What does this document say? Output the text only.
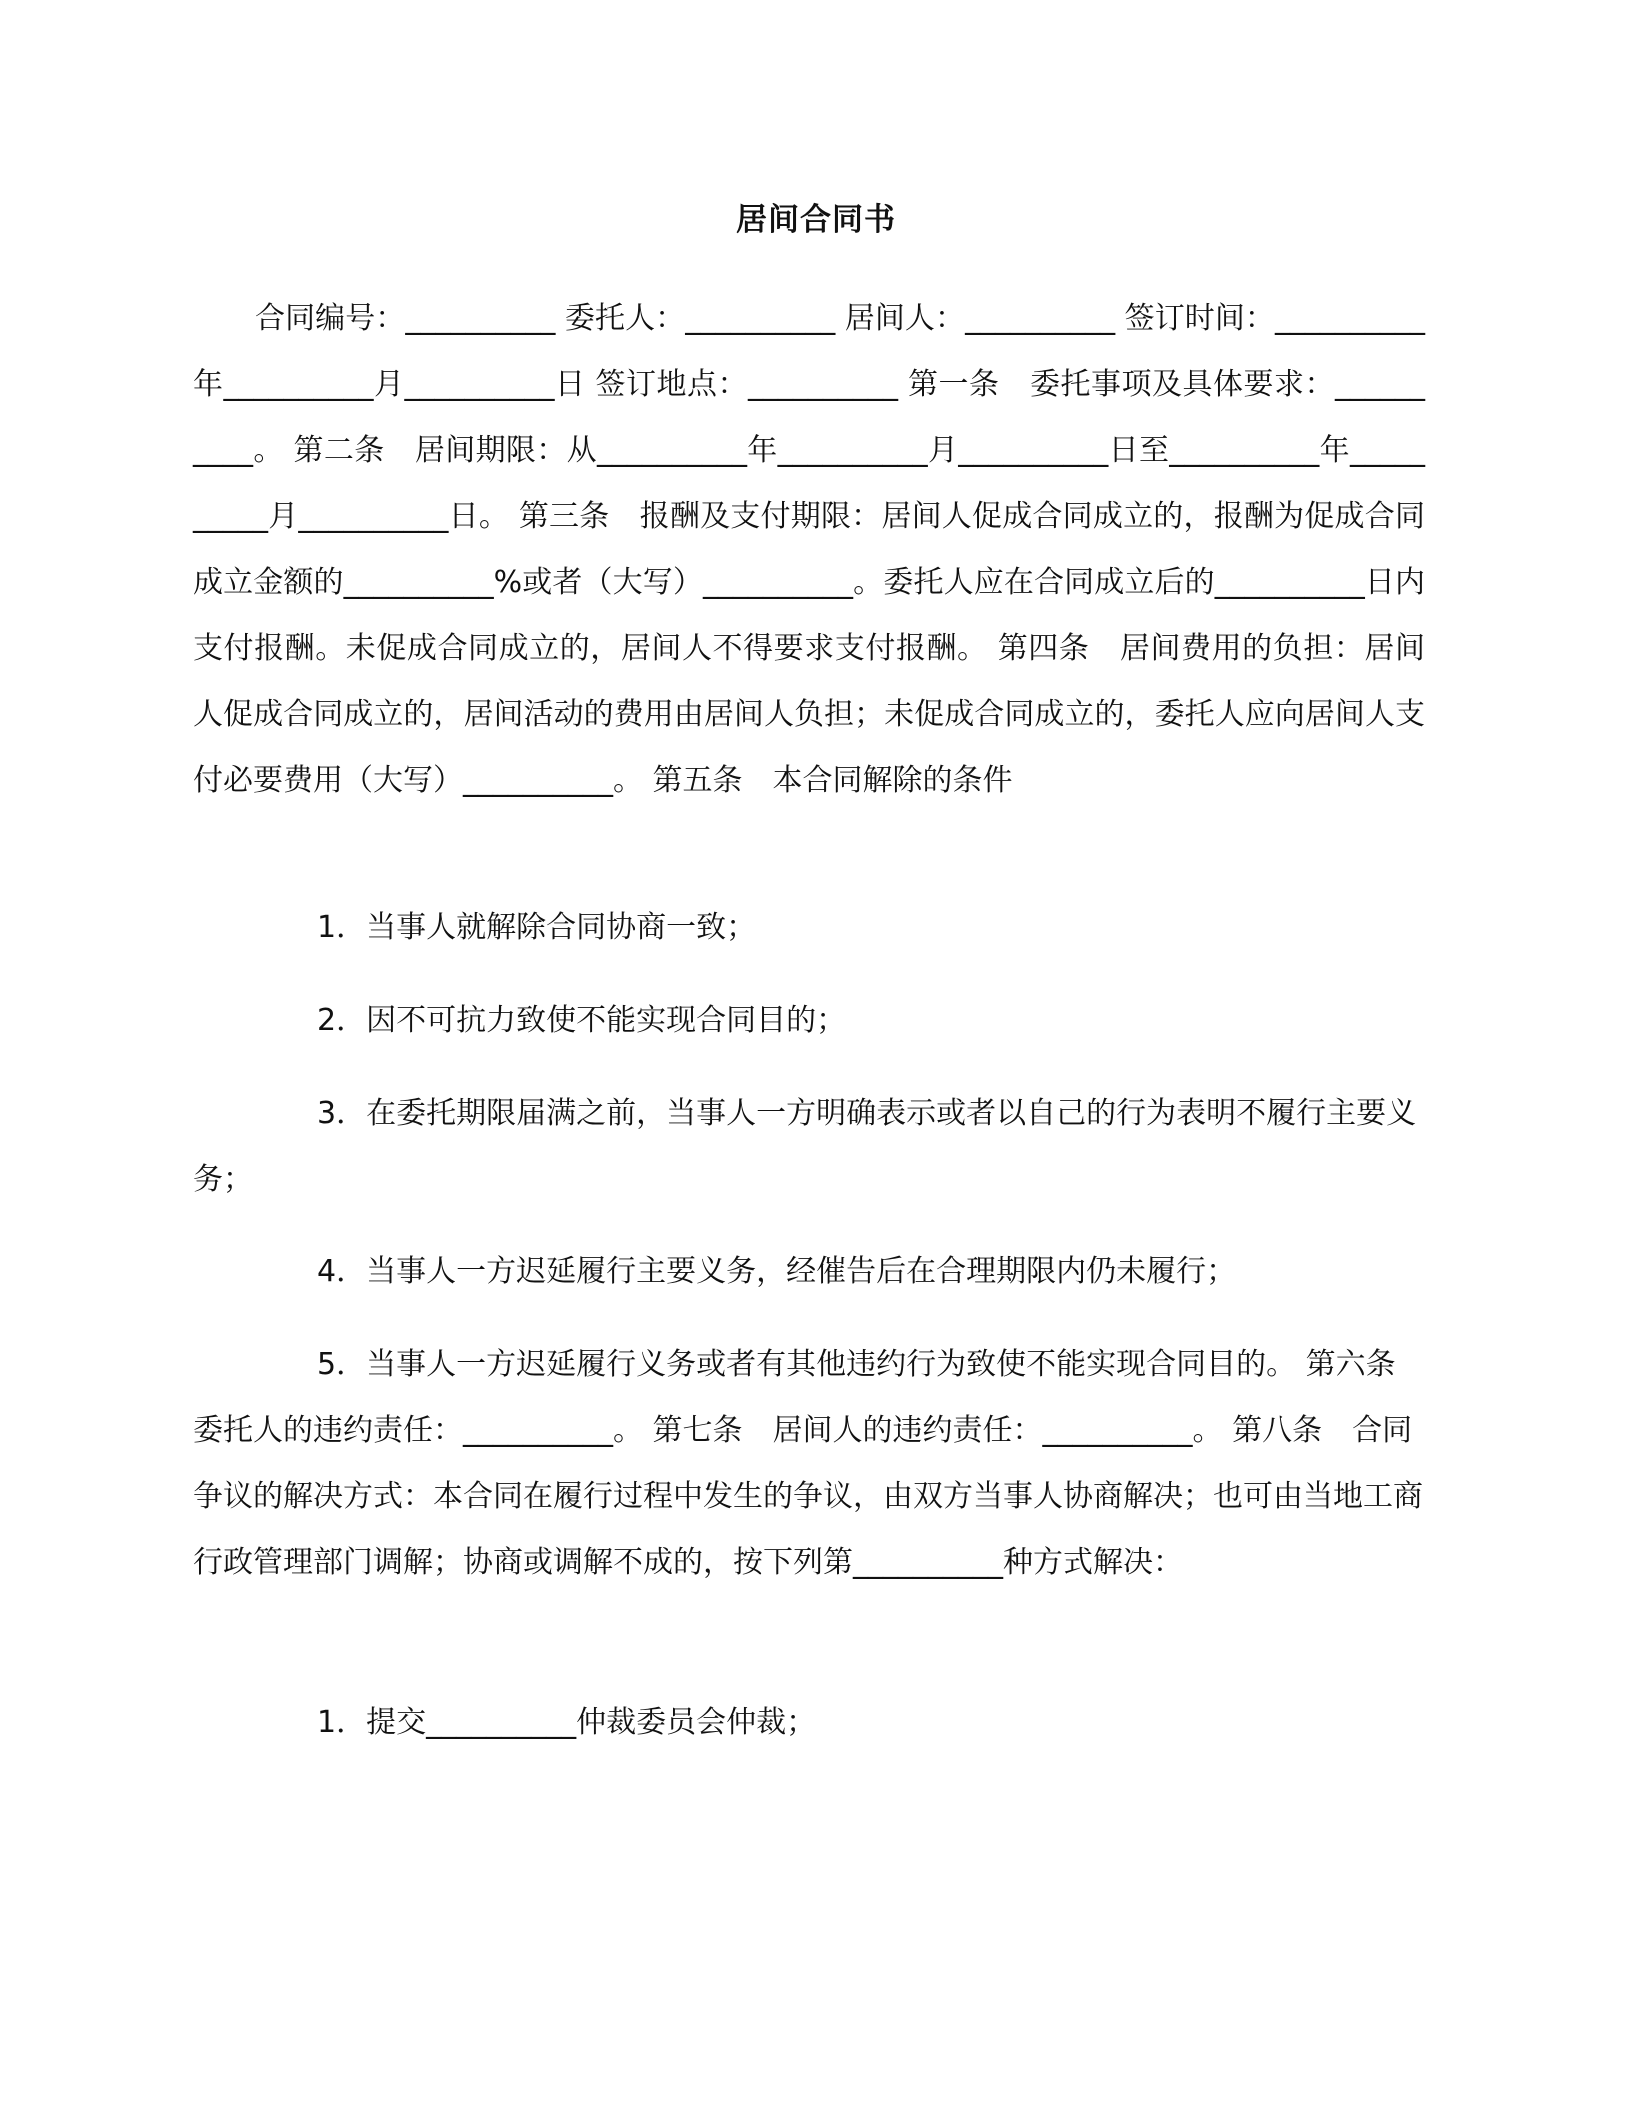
居间合同书

合同编号：__________ 委托人：__________ 居间人：__________ 签订时间：__________年__________月__________日 签订地点：__________ 第一条　委托事项及具体要求：__________。 第二条　居间期限：从__________年__________月__________日至__________年__________月__________日。 第三条　报酬及支付期限：居间人促成合同成立的，报酬为促成合同成立金额的__________%或者（大写）__________。委托人应在合同成立后的__________日内支付报酬。未促成合同成立的，居间人不得要求支付报酬。 第四条　居间费用的负担：居间人促成合同成立的，居间活动的费用由居间人负担；未促成合同成立的，委托人应向居间人支付必要费用（大写）__________。 第五条　本合同解除的条件

1．当事人就解除合同协商一致；

2．因不可抗力致使不能实现合同目的；

3．在委托期限届满之前，当事人一方明确表示或者以自己的行为表明不履行主要义务；

4．当事人一方迟延履行主要义务，经催告后在合理期限内仍未履行；

5．当事人一方迟延履行义务或者有其他违约行为致使不能实现合同目的。 第六条　委托人的违约责任：__________。 第七条　居间人的违约责任：__________。 第八条　合同争议的解决方式：本合同在履行过程中发生的争议，由双方当事人协商解决；也可由当地工商行政管理部门调解；协商或调解不成的，按下列第__________种方式解决：

1．提交__________仲裁委员会仲裁；
